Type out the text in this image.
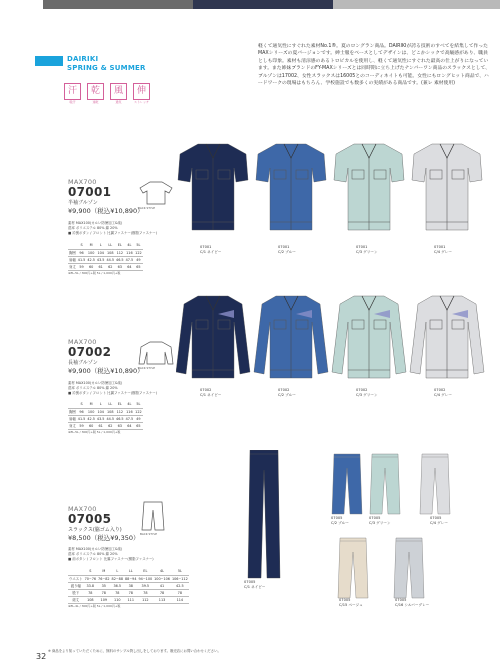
DAIRIKI
SPRING & SUMMER
汗
吸汗
乾
速乾
風
通気
伸
ストレッチ
軽くて通気性にすぐれた素材No.1®。夏のロングラン商品。DAIRIKIが誇る技術のすべてを結集して作ったMAXシリーズの夏バージョンです。紳士服をベースとしてデザインは、どこかシックで高級感があり、職員としも印象。素材も清涼感のあるトロピカルを使用し、軽くて通気性にすぐれた最高の仕上がりになっています。また姉妹ブランドのFY-MAXシリーズとは同時期に立ち上げたナンバーワン商品のスラックスとして、ブルゾンは17002、女性スラックスは16005とのコーディネイトも可能。女性にもロングヒット商品で、ハードワークの現場はもちろん、学校施設でも数多くの実績がある商品です。(兼レ 素材使用)
MAX700
07001
半袖ブルゾン
¥9,900（税込¥10,890）
BACK STYLE
素材 MAX100(カルい防暑加工&楽)
混率 ポリエステル 80% 綿 20%
■ 衿裏ボタン / フロント 比翼ファスナー(樹脂ファスナー)
	S	M	L	LL	EL	4L	5L
胸囲	96	100	104	108	112	116	122
肩幅	41.5	42.5	43.5	44.5	46.5	47.5	49
身丈	59	60	61	62	63	64	65
※EL-5L / 300円+税 5L / 1,000円+税
07001
C/1 ネイビー
07001
C/2 ブルー
07001
C/3 グリーン
07001
C/4 グレー
MAX700
07002
長袖ブルゾン
¥9,900（税込¥10,890）
BACK STYLE
素材 MAX100(カルい防暑加工&楽)
混率 ポリエステル 80% 綿 20%
■ 衿裏ボタン / フロント 比翼ファスナー(樹脂ファスナー)
	S	M	L	LL	EL	4L	5L
胸囲	96	100	104	108	112	116	122
肩幅	41.5	42.5	43.5	44.5	46.5	47.5	49
身丈	59	60	61	62	63	64	65
※EL-5L / 300円+税 5L / 1,000円+税
07002
C/1 ネイビー
07002
C/2 ブルー
07002
C/3 グリーン
07002
C/4 グレー
MAX700
07005
スラックス(脇ゴム入り)
¥8,500（税込¥9,350） BACK STYLE
素材 MAX100(カルい防暑加工&楽)
混率 ポリエステル 80% 綿 20%
■ 前ボタン / フロント 比翼ファスナー(樹脂ファスナー)
	S	M	L	LL	EL	4L	5L
ウエスト	70~76	76~82	82~88	88~94	94~100	100~106	106~112
渡り幅	33.8	35	36.5	38	39.5	41	42.5
股下	78	78	78	78	78	78	78
総丈	108	109	110	111	112	113	114
※EL-4L / 300円+税 5L / 1,000円+税
07005
C/1 ネイビー
07005
C/2 ブルー
07005
C/3 グリーン
07005
C/4 グレー
07005
C/15 ベージュ
07005
C/16 シルバーグレー
※ 商品をより知っていただくために、無料のサンプル貸し出しをしております。販売店にお問い合わせください。
32
